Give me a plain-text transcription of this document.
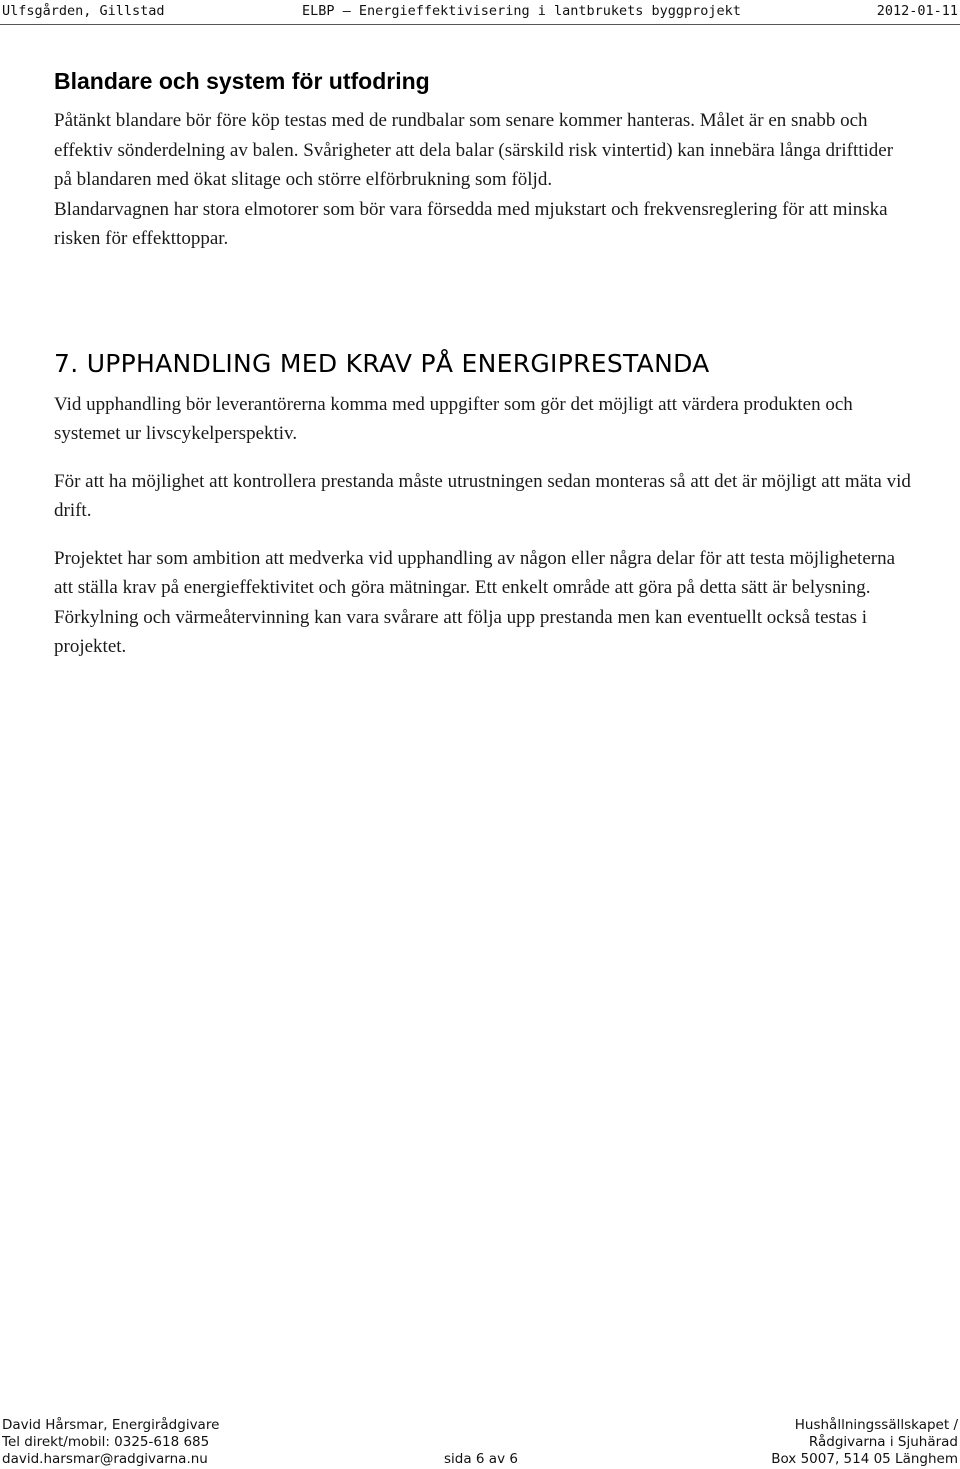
Ulfsgården, Gillstad	ELBP – Energieffektivisering i lantbrukets byggprojekt	2012-01-11
Blandare och system för utfodring

Påtänkt blandare bör före köp testas med de rundbalar som senare kommer hanteras. Målet är en snabb och effektiv sönderdelning av balen. Svårigheter att dela balar (särskild risk vintertid) kan innebära långa drifttider på blandaren med ökat slitage och större elförbrukning som följd.

Blandarvagnen har stora elmotorer som bör vara försedda med mjukstart och frekvensreglering för att minska risken för effekttoppar.

7. UPPHANDLING MED KRAV PÅ ENERGIPRESTANDA

Vid upphandling bör leverantörerna komma med uppgifter som gör det möjligt att värdera produkten och systemet ur livscykelperspektiv.

För att ha möjlighet att kontrollera prestanda måste utrustningen sedan monteras så att det är möjligt att mäta vid drift.

Projektet har som ambition att medverka vid upphandling av någon eller några delar för att testa möjligheterna att ställa krav på energieffektivitet och göra mätningar. Ett enkelt område att göra på detta sätt är belysning. Förkylning och värmeåtervinning kan vara svårare att följa upp prestanda men kan eventuellt också testas i projektet.

David Hårsmar, Energirådgivare
Tel direkt/mobil: 0325-618 685
david.harsmar@radgivarna.nu	sida 6 av 6
Hushållningssällskapet /
Rådgivarna i Sjuhärad
Box 5007, 514 05 Länghem
